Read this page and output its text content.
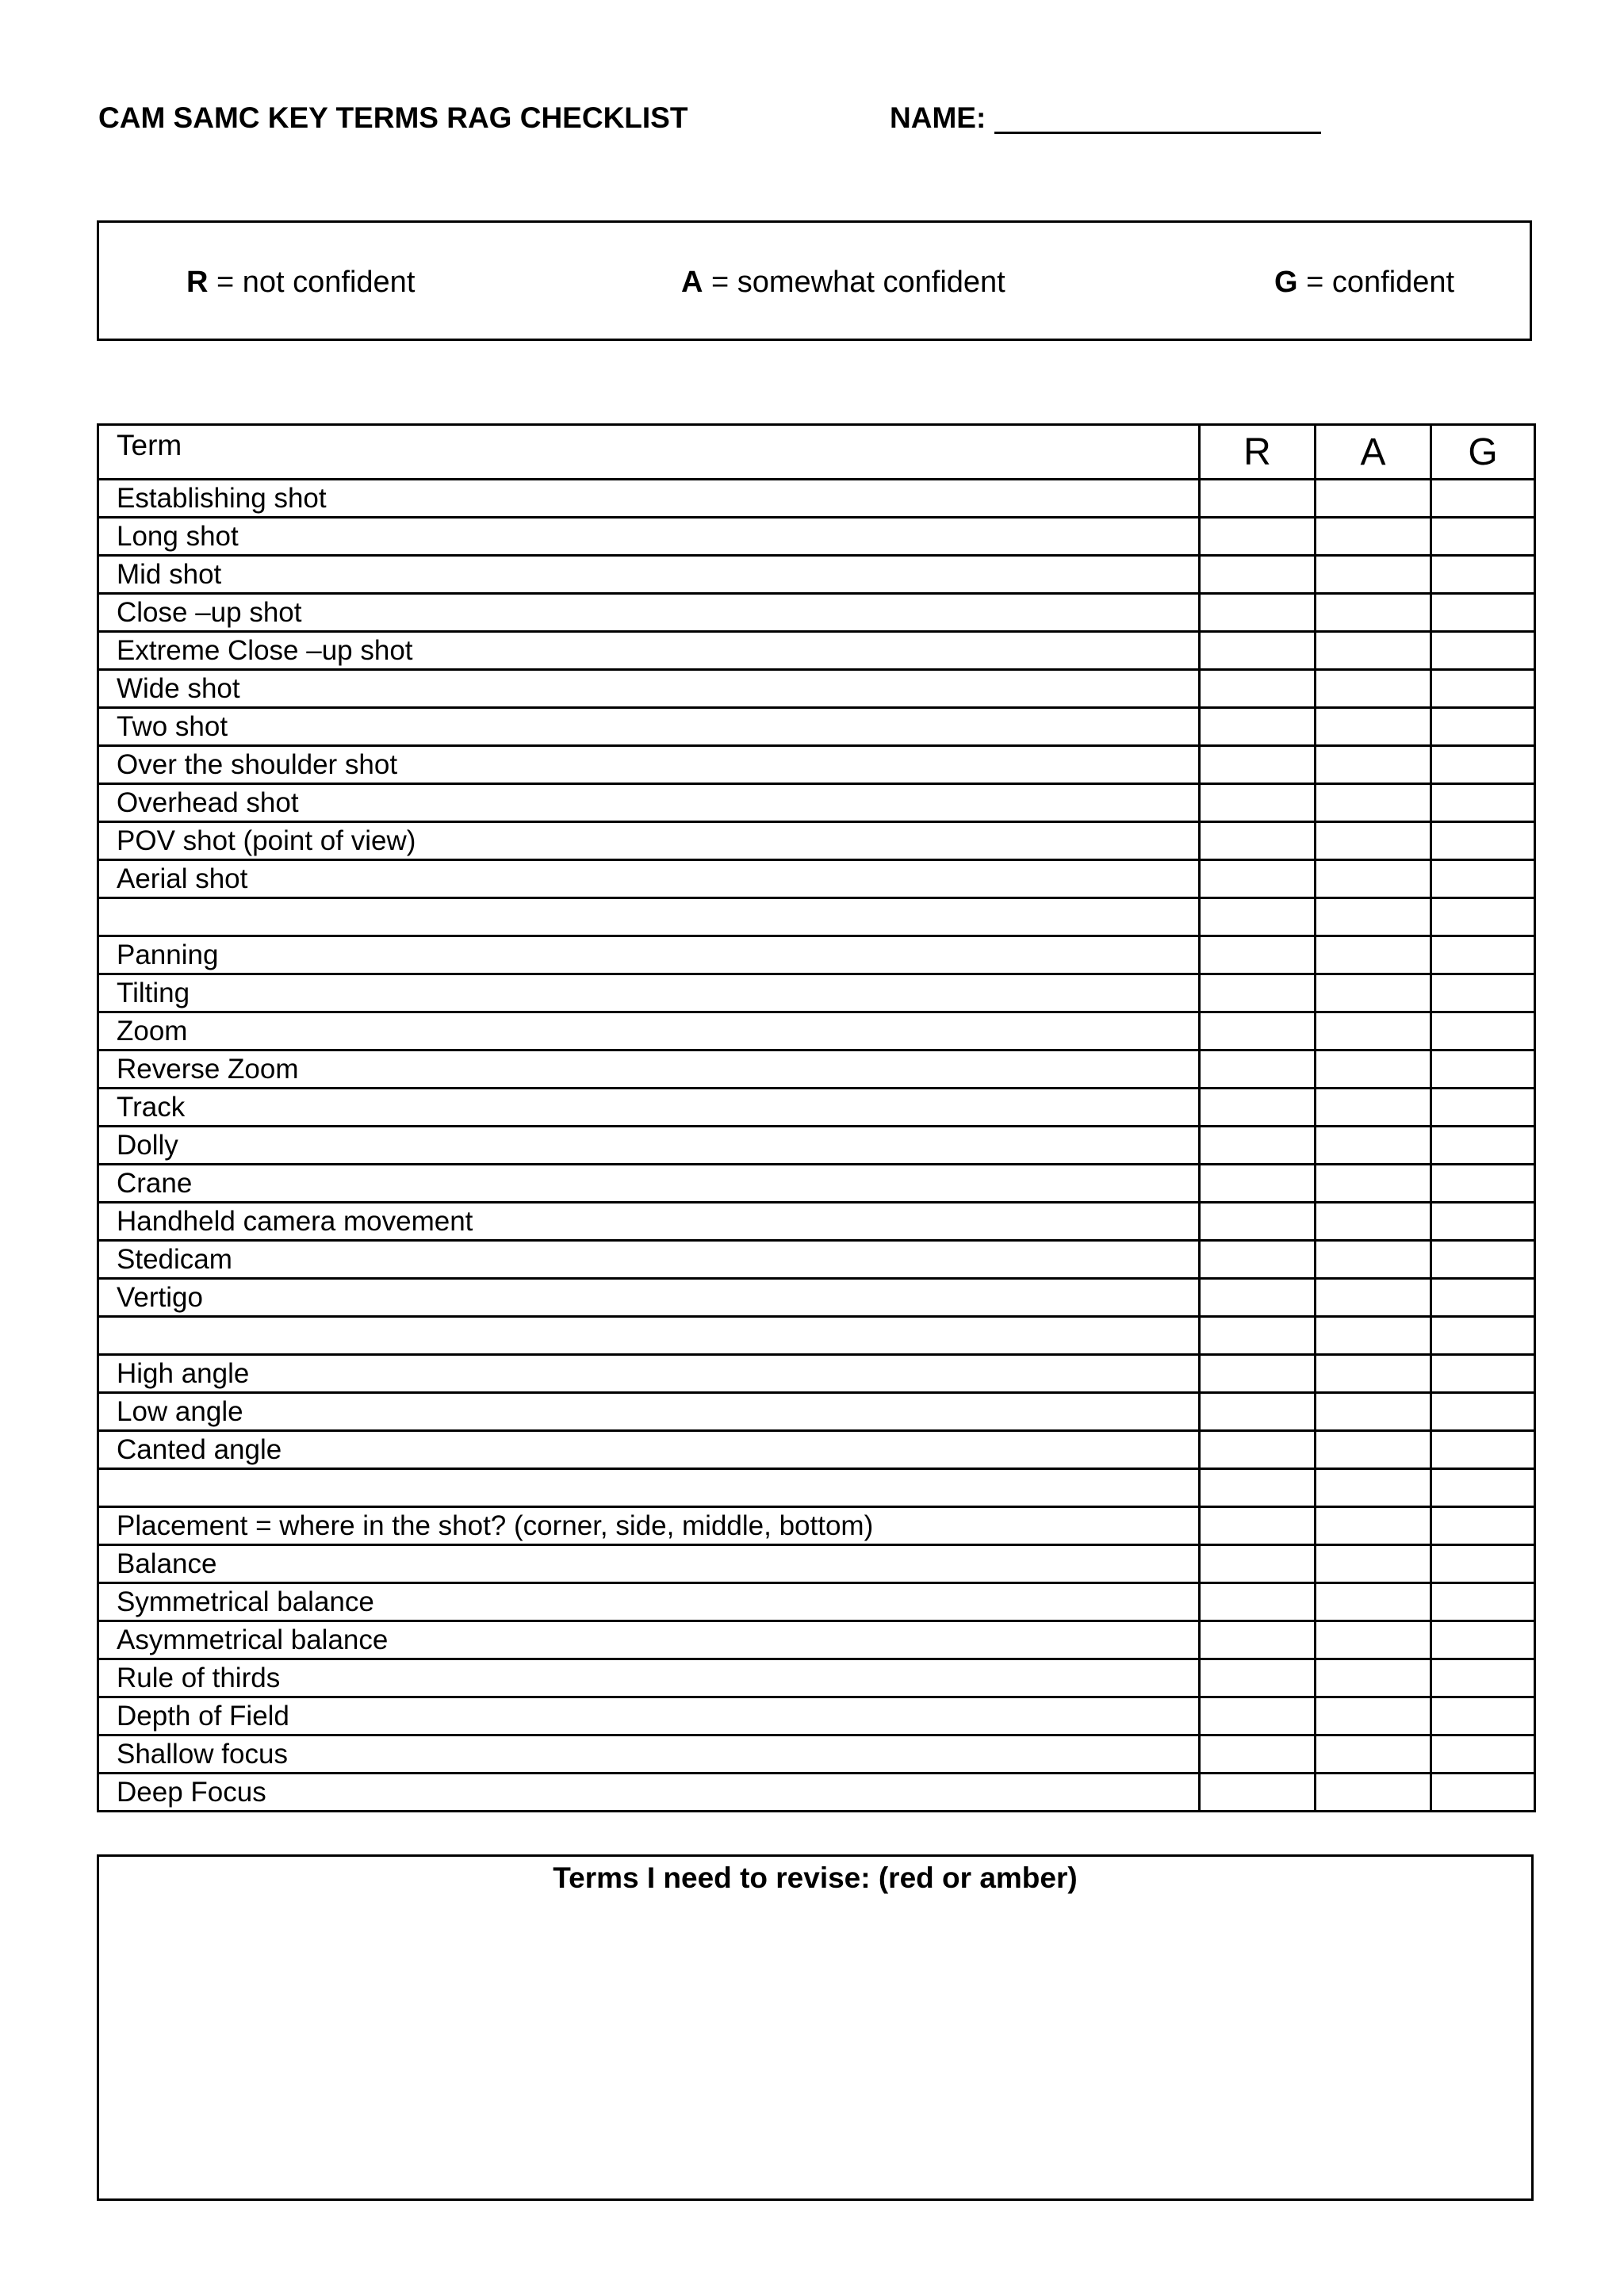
CAM SAMC KEY TERMS RAG CHECKLIST	NAME:
R = not confident	A = somewhat confident	G = confident
Term	R	A	G
Establishing shot			
Long shot			
Mid shot			
Close –up shot			
Extreme Close –up shot			
Wide shot			
Two shot			
Over the shoulder shot			
Overhead shot			
POV shot (point of view)			
Aerial shot			

Panning			
Tilting			
Zoom			
Reverse Zoom			
Track			
Dolly			
Crane			
Handheld camera movement			
Stedicam			
Vertigo			

High angle			
Low angle			
Canted angle			

Placement = where in the shot? (corner, side, middle, bottom)			
Balance			
Symmetrical balance			
Asymmetrical balance			
Rule of thirds			
Depth of Field			
Shallow focus			
Deep Focus			
Terms I need to revise: (red or amber)
